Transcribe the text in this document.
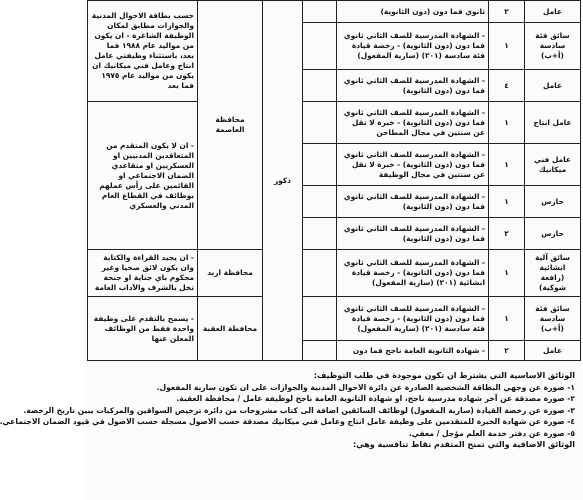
عامل	٢	ثانوي فما دون (دون الثانوية)		ذكور	محافظة العاصمة	حسب بطاقة الاحوال المدنية والجوازات مطابق لمكان الوظيفة الشاغرة - ان يكون من مواليد عام ١٩٨٨ فما بعد، باستثناء وظيفتي عامل انتاج وعامل فني ميكانيك ان يكون من مواليد عام ١٩٧٥ فما بعد
سائق فئة سادسة (أ+ب)	١	- الشهادة المدرسية للصف الثاني ثانوي فما دون (دون الثانوية) - رخصة قيادة فئة سادسة (٢٠١) (سارية المفعول)				
عامل	٤	- الشهادة المدرسية للصف الثاني ثانوي فما دون (دون الثانوية)				
عامل انتاج	١	- الشهادة المدرسية للصف الثاني ثانوي فما دون (دون الثانوية) - خبرة لا تقل عن سنتين في مجال المطاحن				- ان لا يكون المتقدم من المتعاقدين المدنيين او العسكريين او متقاعدي الضمان الاجتماعي او القائمين على رأس عملهم بوظائف في القطاع العام المدني والعسكري
عامل فني ميكانيك	١	- الشهادة المدرسية للصف الثاني ثانوي فما دون (دون الثانوية) - خبرة لا تقل عن سنتين في مجال الوظيفة				
حارس	١	- الشهادة المدرسية للصف الثاني ثانوي فما دون (دون الثانوية)				
حارس	٢	- الشهادة المدرسية للصف الثاني ثانوي فما دون (دون الثانوية)				
سائق آلية انشائية (رافعة شوكية)	١	- الشهادة المدرسية للصف الثاني ثانوي فما دون (دون الثانوية) - رخصة قيادة انشائية (٢٠١) (سارية المفعول)			محافظة اربد	- ان يجيد القراءة والكتابة وان يكون لائق صحيا وغير محكوم باي جناية او جنحة تخل بالشرف والآداب العامة
سائق فئة سادسة (أ+ب)	١	- الشهادة المدرسية للصف الثاني ثانوي فما دون (دون الثانوية) - رخصة قيادة فئة سادسة (٢٠١) (سارية المفعول)			محافظة العقبة	- يسمح بالتقدم على وظيفة واحدة فقط من الوظائف المعلن عنها
عامل	٢	- شهادة الثانوية العامة ناجح فما دون				
الوثائق الاساسية التي يشترط ان تكون موجودة في طلب التوظيف:
١- صورة عن وجهي البطاقة الشخصية الصادرة عن دائرة الاحوال المدنية والجوازات على ان تكون سارية المفعول.
٢- صورة مصدقة عن آخر شهادة مدرسية ناجح، او شهادة الثانوية العامة ناجح لوظيفة عامل / محافظة العقبة.
٣- صورة عن رخصة القيادة (سارية المفعول) لوظائف السائقين اضافة الى كتاب مشروحات من دائرة ترخيص السواقين والمركبات يبين تاريخ الرخصة.
٤- صورة عن شهادة الخبرة للمتقدمين على وظيفة عامل انتاج وعامل فني ميكانيك مصدقة حسب الاصول مسجلة حسب الاصول في قيود الضمان الاجتماعي.
٥- صورة عن دفتر خدمة العلم مؤجل / معفي.
الوثائق الاضافية والتي تمنح المتقدم نقاط تنافسية وهي:
